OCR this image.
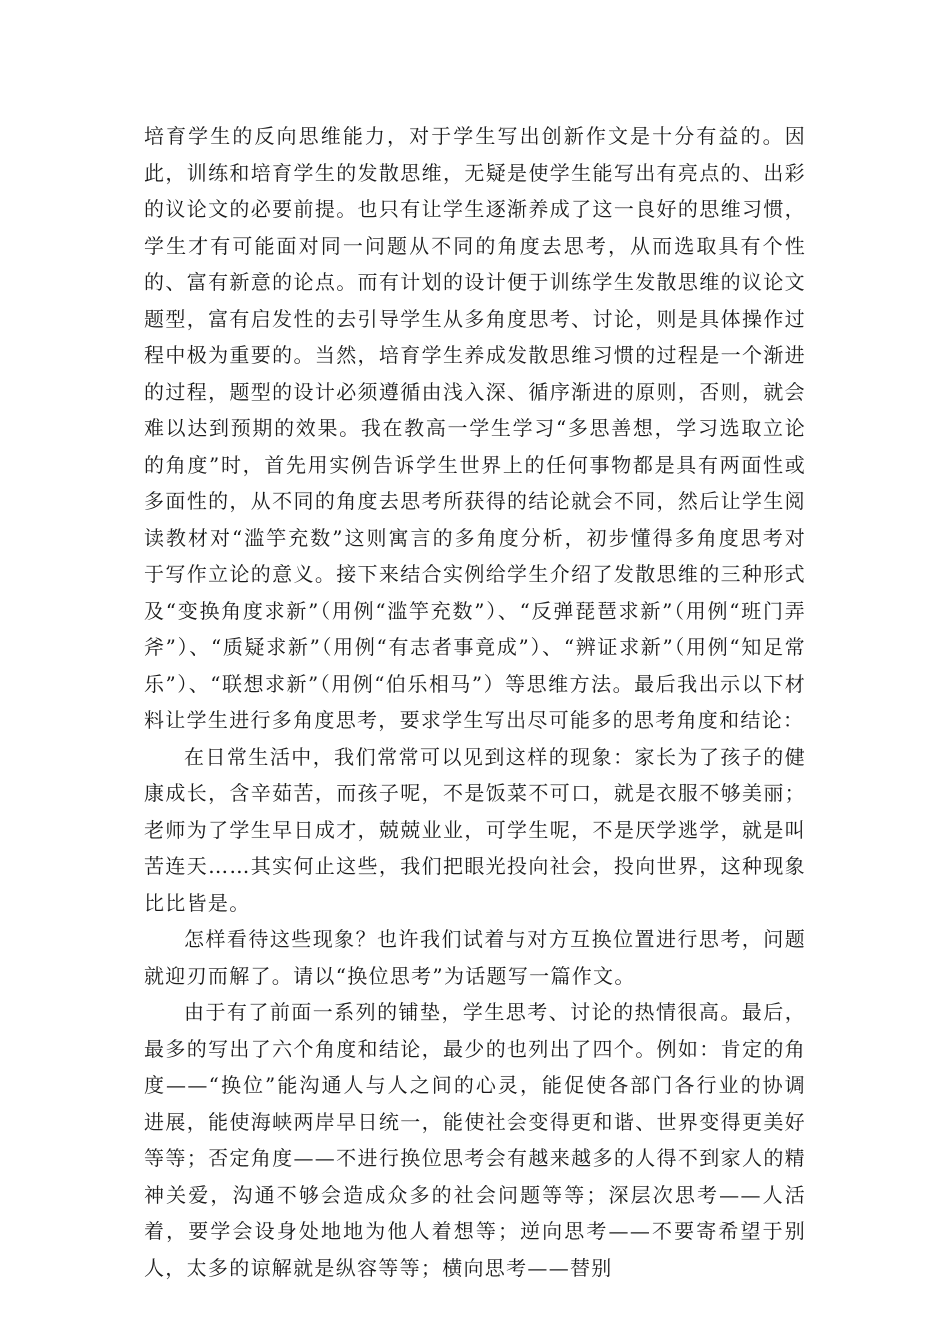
培育学生的反向思维能力，对于学生写出创新作文是十分有益的。因此，训练和培育学生的发散思维，无疑是使学生能写出有亮点的、出彩的议论文的必要前提。也只有让学生逐渐养成了这一良好的思维习惯，学生才有可能面对同一问题从不同的角度去思考，从而选取具有个性的、富有新意的论点。而有计划的设计便于训练学生发散思维的议论文题型，富有启发性的去引导学生从多角度思考、讨论，则是具体操作过程中极为重要的。当然，培育学生养成发散思维习惯的过程是一个渐进的过程，题型的设计必须遵循由浅入深、循序渐进的原则，否则，就会难以达到预期的效果。我在教高一学生学习“多思善想，学习选取立论的角度”时，首先用实例告诉学生世界上的任何事物都是具有两面性或多面性的，从不同的角度去思考所获得的结论就会不同，然后让学生阅读教材对“滥竽充数”这则寓言的多角度分析，初步懂得多角度思考对于写作立论的意义。接下来结合实例给学生介绍了发散思维的三种形式及“变换角度求新”（用例“滥竽充数”）、“反弹琵琶求新”（用例“班门弄斧”）、“质疑求新”（用例“有志者事竟成”）、“辨证求新”（用例“知足常乐”）、“联想求新”（用例“伯乐相马”）等思维方法。最后我出示以下材料让学生进行多角度思考，要求学生写出尽可能多的思考角度和结论：

在日常生活中，我们常常可以见到这样的现象：家长为了孩子的健康成长，含辛茹苦，而孩子呢，不是饭菜不可口，就是衣服不够美丽；老师为了学生早日成才，兢兢业业，可学生呢，不是厌学逃学，就是叫苦连天……其实何止这些，我们把眼光投向社会，投向世界，这种现象比比皆是。

怎样看待这些现象？也许我们试着与对方互换位置进行思考，问题就迎刃而解了。请以“换位思考”为话题写一篇作文。

由于有了前面一系列的铺垫，学生思考、讨论的热情很高。最后，最多的写出了六个角度和结论，最少的也列出了四个。例如：肯定的角度——“换位”能沟通人与人之间的心灵，能促使各部门各行业的协调进展，能使海峡两岸早日统一，能使社会变得更和谐、世界变得更美好等等；否定角度——不进行换位思考会有越来越多的人得不到家人的精神关爱，沟通不够会造成众多的社会问题等等；深层次思考——人活着，要学会设身处地地为他人着想等；逆向思考——不要寄希望于别人，太多的谅解就是纵容等等；横向思考——替别
